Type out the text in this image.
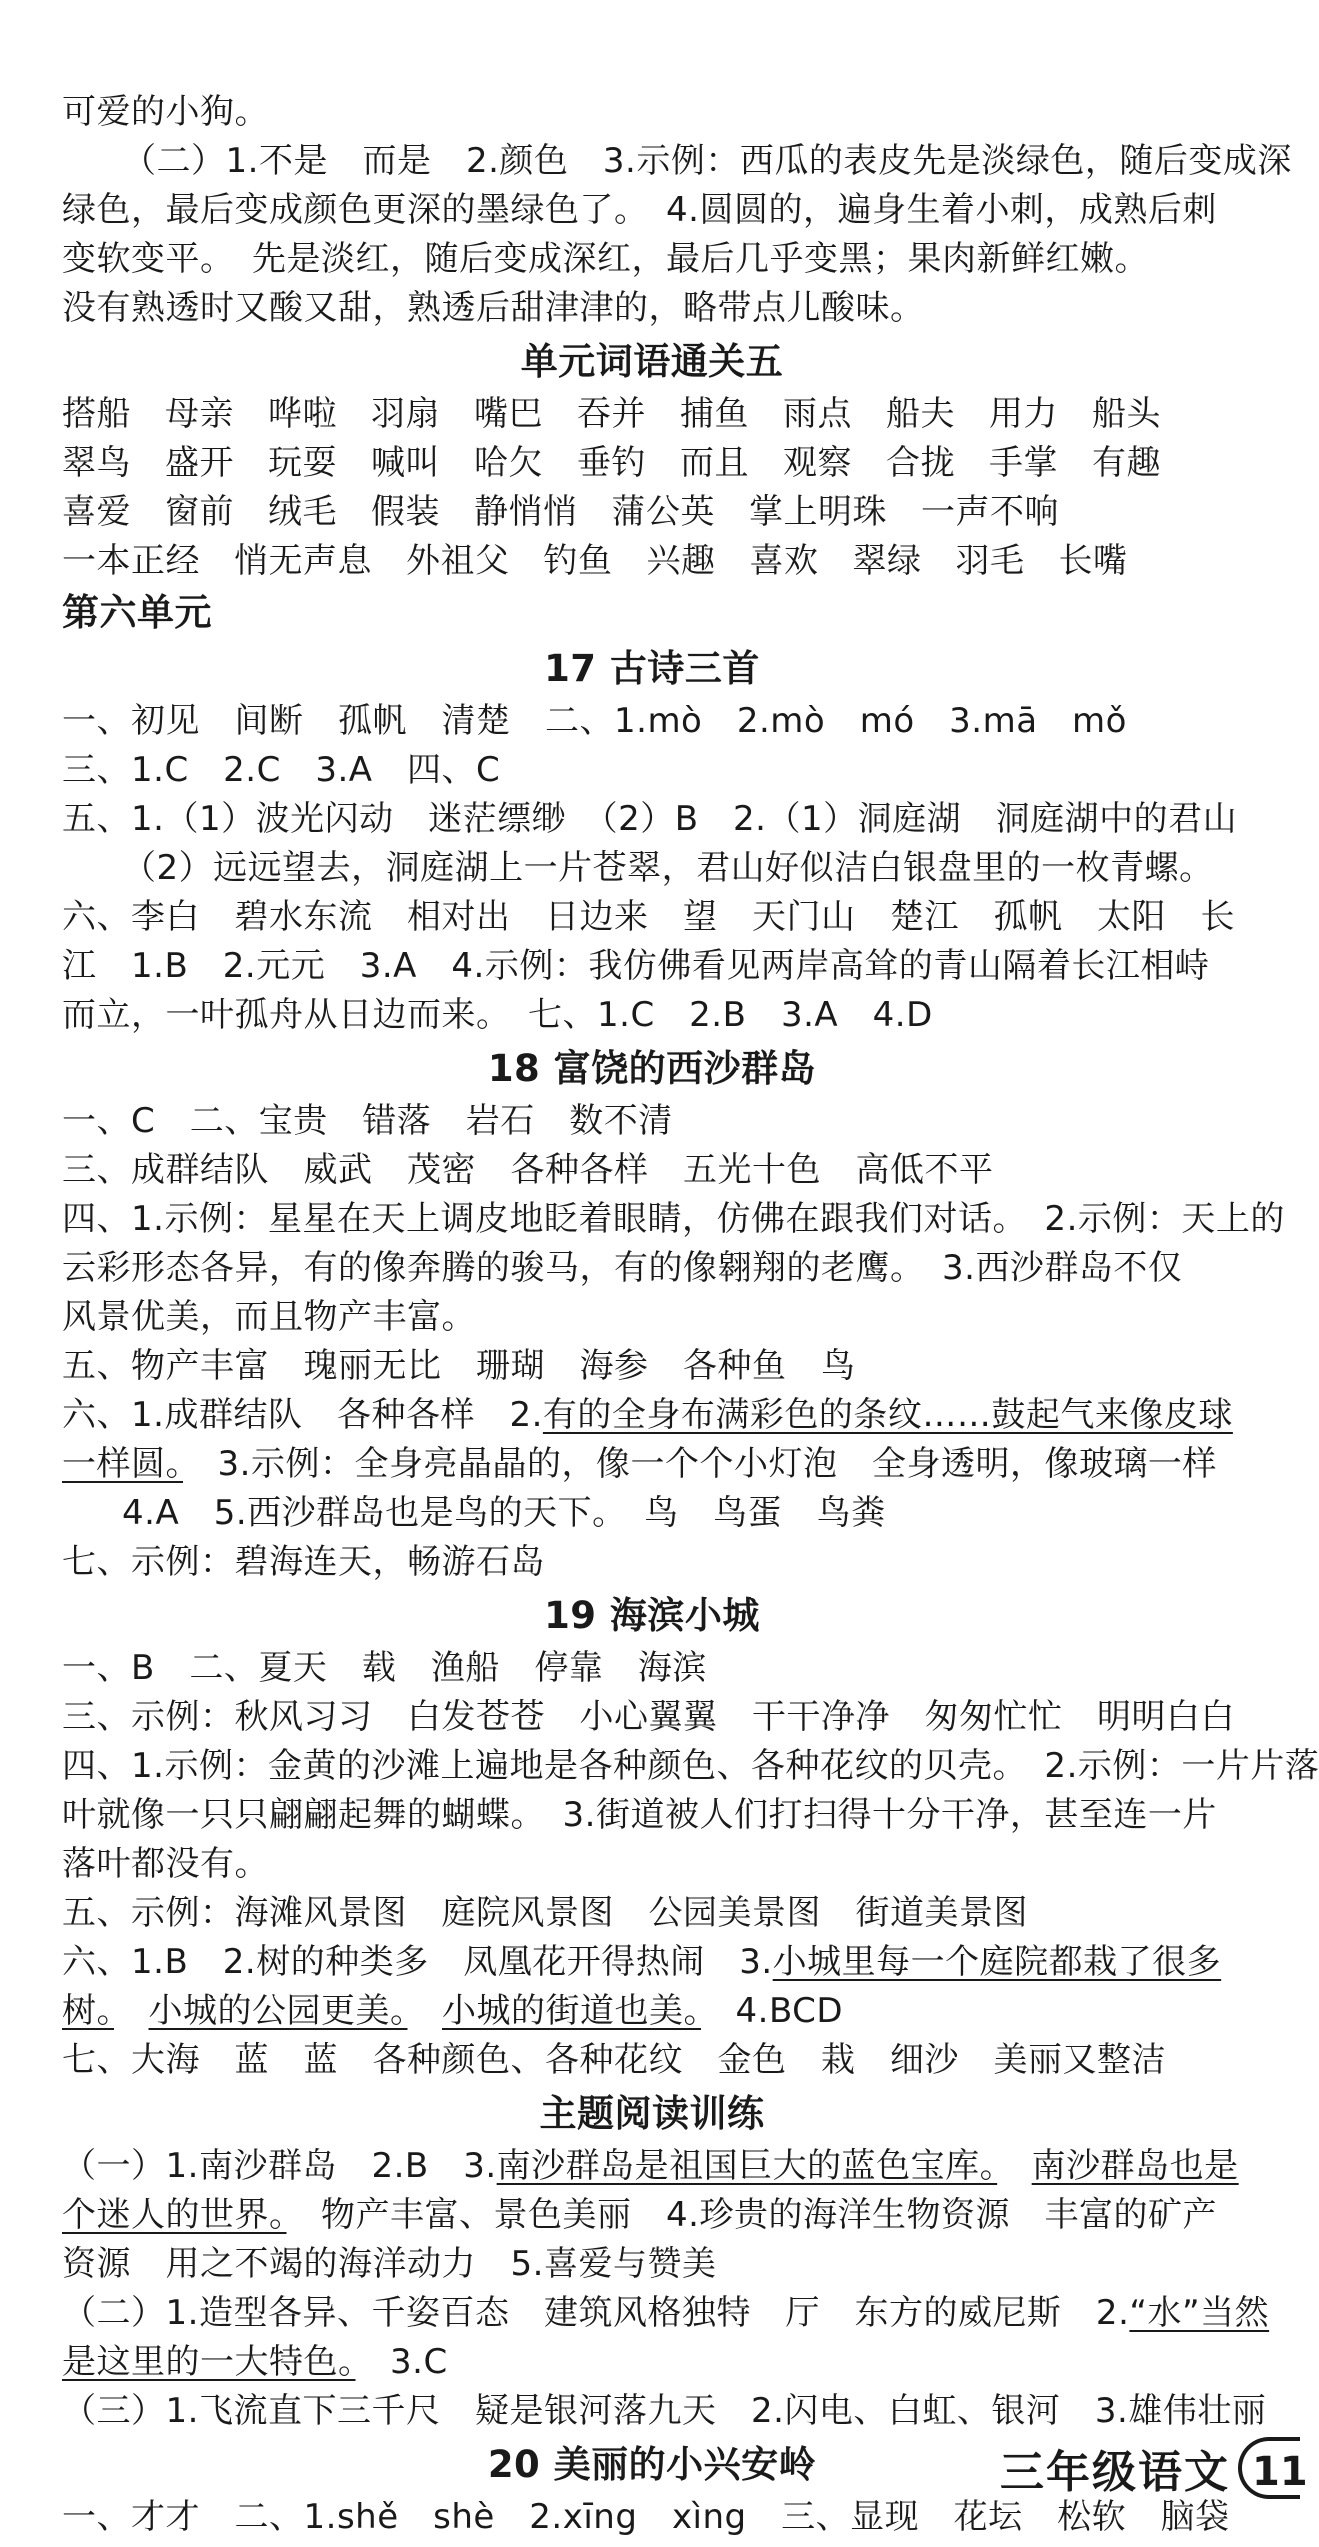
可爱的小狗。
（二）1.不是　而是　2.颜色　3.示例：西瓜的表皮先是淡绿色，随后变成深
绿色，最后变成颜色更深的墨绿色了。　4.圆圆的，遍身生着小刺，成熟后刺
变软变平。　先是淡红，随后变成深红，最后几乎变黑；果肉新鲜红嫩。
没有熟透时又酸又甜，熟透后甜津津的，略带点儿酸味。
单元词语通关五
搭船 母亲 哗啦 羽扇 嘴巴 吞并 捕鱼 雨点 船夫 用力 船头
翠鸟 盛开 玩耍 喊叫 哈欠 垂钓 而且 观察 合拢 手掌 有趣
喜爱 窗前 绒毛 假装 静悄悄 蒲公英 掌上明珠 一声不响
一本正经 悄无声息 外祖父 钓鱼 兴趣 喜欢 翠绿 羽毛 长嘴
第六单元
17 古诗三首
一、初见　间断　孤帆　清楚　二、1.mò　2.mò　mó　3.mā　mǒ
三、1.C　2.C　3.A　四、C
五、1.（1）波光闪动　迷茫缥缈　（2）B　2.（1）洞庭湖　洞庭湖中的君山
（2）远远望去，洞庭湖上一片苍翠，君山好似洁白银盘里的一枚青螺。
六、李白　碧水东流　相对出　日边来　望　天门山　楚江　孤帆　太阳　长
江　1.B　2.元元　3.A　4.示例：我仿佛看见两岸高耸的青山隔着长江相峙
而立，一叶孤舟从日边而来。　七、1.C　2.B　3.A　4.D
18 富饶的西沙群岛
一、C　二、宝贵　错落　岩石　数不清
三、成群结队　威武　茂密　各种各样　五光十色　高低不平
四、1.示例：星星在天上调皮地眨着眼睛，仿佛在跟我们对话。　2.示例：天上的
云彩形态各异，有的像奔腾的骏马，有的像翱翔的老鹰。　3.西沙群岛不仅
风景优美，而且物产丰富。
五、物产丰富　瑰丽无比　珊瑚　海参　各种鱼　鸟
六、1.成群结队　各种各样　2.有的全身布满彩色的条纹……鼓起气来像皮球
一样圆。　3.示例：全身亮晶晶的，像一个个小灯泡　全身透明，像玻璃一样
4.A　5.西沙群岛也是鸟的天下。　鸟　鸟蛋　鸟粪
七、示例：碧海连天，畅游石岛
19 海滨小城
一、B　二、夏天　载　渔船　停靠　海滨
三、示例：秋风习习　白发苍苍　小心翼翼　干干净净　匆匆忙忙　明明白白
四、1.示例：金黄的沙滩上遍地是各种颜色、各种花纹的贝壳。　2.示例：一片片落
叶就像一只只翩翩起舞的蝴蝶。　3.街道被人们打扫得十分干净，甚至连一片
落叶都没有。
五、示例：海滩风景图　庭院风景图　公园美景图　街道美景图
六、1.B　2.树的种类多　凤凰花开得热闹　3.小城里每一个庭院都栽了很多
树。　 小城的公园更美。　 小城的街道也美。　4.BCD
七、大海　蓝　蓝　各种颜色、各种花纹　金色　栽　细沙　美丽又整洁
主题阅读训练
（一）1.南沙群岛　2.B　3.南沙群岛是祖国巨大的蓝色宝库。　 南沙群岛也是
个迷人的世界。　物产丰富、景色美丽　4.珍贵的海洋生物资源　丰富的矿产
资源　用之不竭的海洋动力　5.喜爱与赞美
（二）1.造型各异、千姿百态　建筑风格独特　厅　东方的威尼斯　2.“水”当然
是这里的一大特色。　3.C
（三）1.飞流直下三千尺　疑是银河落九天　2.闪电、白虹、银河　3.雄伟壮丽
20 美丽的小兴安岭
一、才才　二、1.shě　shè　2.xīng　xìng　三、显现　花坛　松软　脑袋
三年级语文 11
